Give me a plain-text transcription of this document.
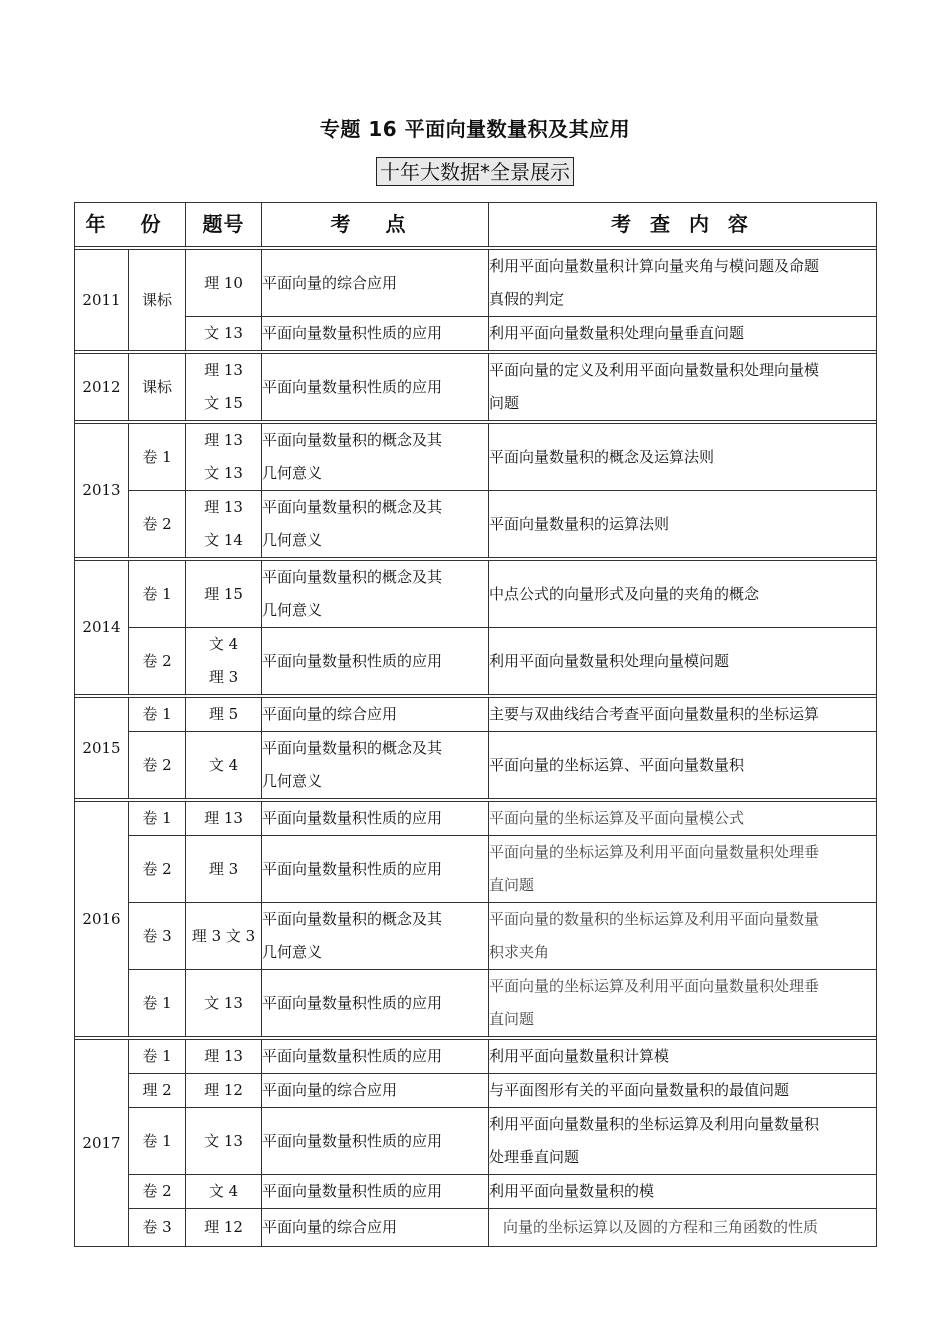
专题 16 平面向量数量积及其应用
十年大数据*全景展示
年 份		题号	考 点	考 查 内 容

2011	课标	理 10	平面向量的综合应用	利用平面向量数量积计算向量夹角与模问题及命题
真假的判定

		文 13	平面向量数量积性质的应用	利用平面向量数量积处理向量垂直问题

2012	课标	理 13
文 15	平面向量数量积性质的应用	平面向量的定义及利用平面向量数量积处理向量模
问题

2013	卷 1	理 13
文 13	平面向量数量积的概念及其
几何意义	平面向量数量积的概念及运算法则

	卷 2	理 13
文 14	平面向量数量积的概念及其
几何意义	平面向量数量积的运算法则

2014	卷 1	理 15	平面向量数量积的概念及其
几何意义	中点公式的向量形式及向量的夹角的概念

	卷 2	文 4
理 3	平面向量数量积性质的应用	利用平面向量数量积处理向量模问题

2015	卷 1	理 5	平面向量的综合应用	主要与双曲线结合考查平面向量数量积的坐标运算

	卷 2	文 4	平面向量数量积的概念及其
几何意义	平面向量的坐标运算、平面向量数量积

2016	卷 1	理 13	平面向量数量积性质的应用	平面向量的坐标运算及平面向量模公式

	卷 2	理 3	平面向量数量积性质的应用	平面向量的坐标运算及利用平面向量数量积处理垂
直问题

	卷 3	理 3 文 3	平面向量数量积的概念及其
几何意义	平面向量的数量积的坐标运算及利用平面向量数量
积求夹角

	卷 1	文 13	平面向量数量积性质的应用	平面向量的坐标运算及利用平面向量数量积处理垂
直问题

2017	卷 1	理 13	平面向量数量积性质的应用	利用平面向量数量积计算模

	理 2	理 12	平面向量的综合应用	与平面图形有关的平面向量数量积的最值问题

	卷 1	文 13	平面向量数量积性质的应用	利用平面向量数量积的坐标运算及利用向量数量积
处理垂直问题

	卷 2	文 4	平面向量数量积性质的应用	利用平面向量数量积的模

	卷 3	理 12	平面向量的综合应用	向量的坐标运算以及圆的方程和三角函数的性质
